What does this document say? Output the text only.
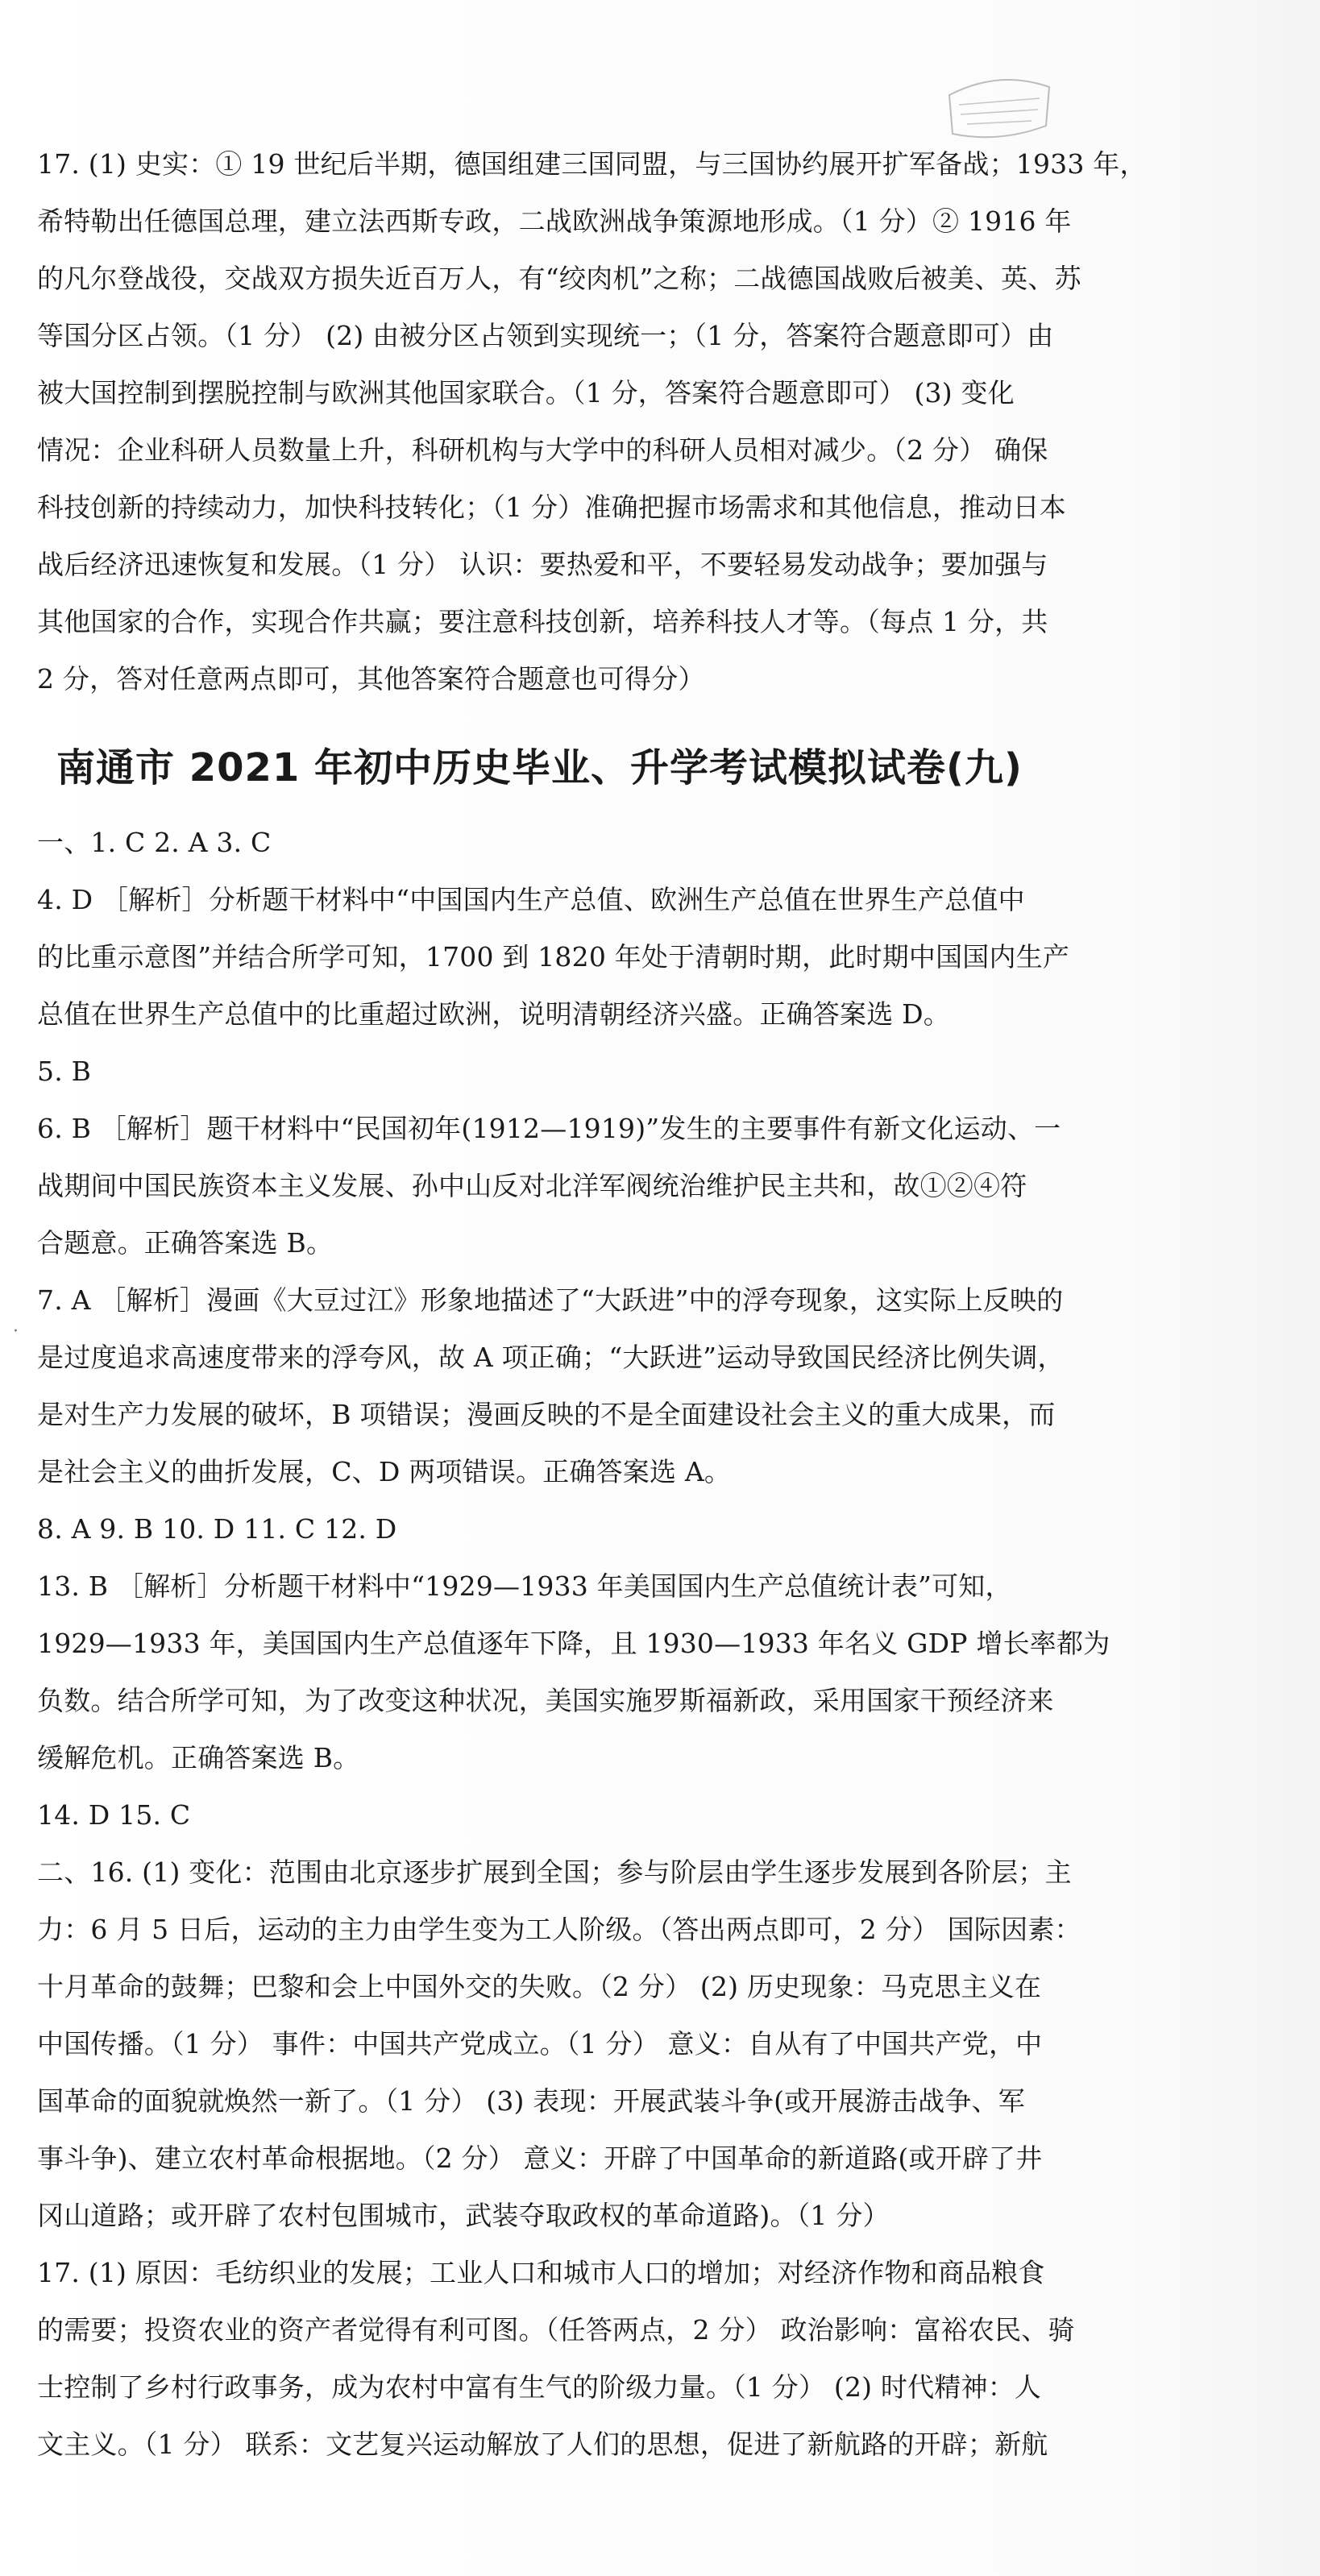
·
17. (1) 史实：① 19 世纪后半期，德国组建三国同盟，与三国协约展开扩军备战；1933 年，
希特勒出任德国总理，建立法西斯专政，二战欧洲战争策源地形成。（1 分）② 1916 年
的凡尔登战役，交战双方损失近百万人，有“绞肉机”之称；二战德国战败后被美、英、苏
等国分区占领。（1 分） (2) 由被分区占领到实现统一；（1 分，答案符合题意即可）由
被大国控制到摆脱控制与欧洲其他国家联合。（1 分，答案符合题意即可） (3) 变化
情况：企业科研人员数量上升，科研机构与大学中的科研人员相对减少。（2 分） 确保
科技创新的持续动力，加快科技转化；（1 分）准确把握市场需求和其他信息，推动日本
战后经济迅速恢复和发展。（1 分） 认识：要热爱和平，不要轻易发动战争；要加强与
其他国家的合作，实现合作共赢；要注意科技创新，培养科技人才等。（每点 1 分，共
2 分，答对任意两点即可，其他答案符合题意也可得分）
南通市 2021 年初中历史毕业、升学考试模拟试卷(九)
一、1. C 2. A 3. C
4. D ［解析］分析题干材料中“中国国内生产总值、欧洲生产总值在世界生产总值中
的比重示意图”并结合所学可知，1700 到 1820 年处于清朝时期，此时期中国国内生产
总值在世界生产总值中的比重超过欧洲，说明清朝经济兴盛。正确答案选 D。
5. B
6. B ［解析］题干材料中“民国初年(1912—1919)”发生的主要事件有新文化运动、一
战期间中国民族资本主义发展、孙中山反对北洋军阀统治维护民主共和，故①②④符
合题意。正确答案选 B。
7. A ［解析］漫画《大豆过江》形象地描述了“大跃进”中的浮夸现象，这实际上反映的
是过度追求高速度带来的浮夸风，故 A 项正确；“大跃进”运动导致国民经济比例失调，
是对生产力发展的破坏，B 项错误；漫画反映的不是全面建设社会主义的重大成果，而
是社会主义的曲折发展，C、D 两项错误。正确答案选 A。
8. A 9. B 10. D 11. C 12. D
13. B ［解析］分析题干材料中“1929—1933 年美国国内生产总值统计表”可知，
1929—1933 年，美国国内生产总值逐年下降，且 1930—1933 年名义 GDP 增长率都为
负数。结合所学可知，为了改变这种状况，美国实施罗斯福新政，采用国家干预经济来
缓解危机。正确答案选 B。
14. D 15. C
二、16. (1) 变化：范围由北京逐步扩展到全国；参与阶层由学生逐步发展到各阶层；主
力：6 月 5 日后，运动的主力由学生变为工人阶级。（答出两点即可，2 分） 国际因素：
十月革命的鼓舞；巴黎和会上中国外交的失败。（2 分） (2) 历史现象：马克思主义在
中国传播。（1 分） 事件：中国共产党成立。（1 分） 意义：自从有了中国共产党，中
国革命的面貌就焕然一新了。（1 分） (3) 表现：开展武装斗争(或开展游击战争、军
事斗争)、建立农村革命根据地。（2 分） 意义：开辟了中国革命的新道路(或开辟了井
冈山道路；或开辟了农村包围城市，武装夺取政权的革命道路)。（1 分）
17. (1) 原因：毛纺织业的发展；工业人口和城市人口的增加；对经济作物和商品粮食
的需要；投资农业的资产者觉得有利可图。（任答两点，2 分） 政治影响：富裕农民、骑
士控制了乡村行政事务，成为农村中富有生气的阶级力量。（1 分） (2) 时代精神：人
文主义。（1 分） 联系：文艺复兴运动解放了人们的思想，促进了新航路的开辟；新航
